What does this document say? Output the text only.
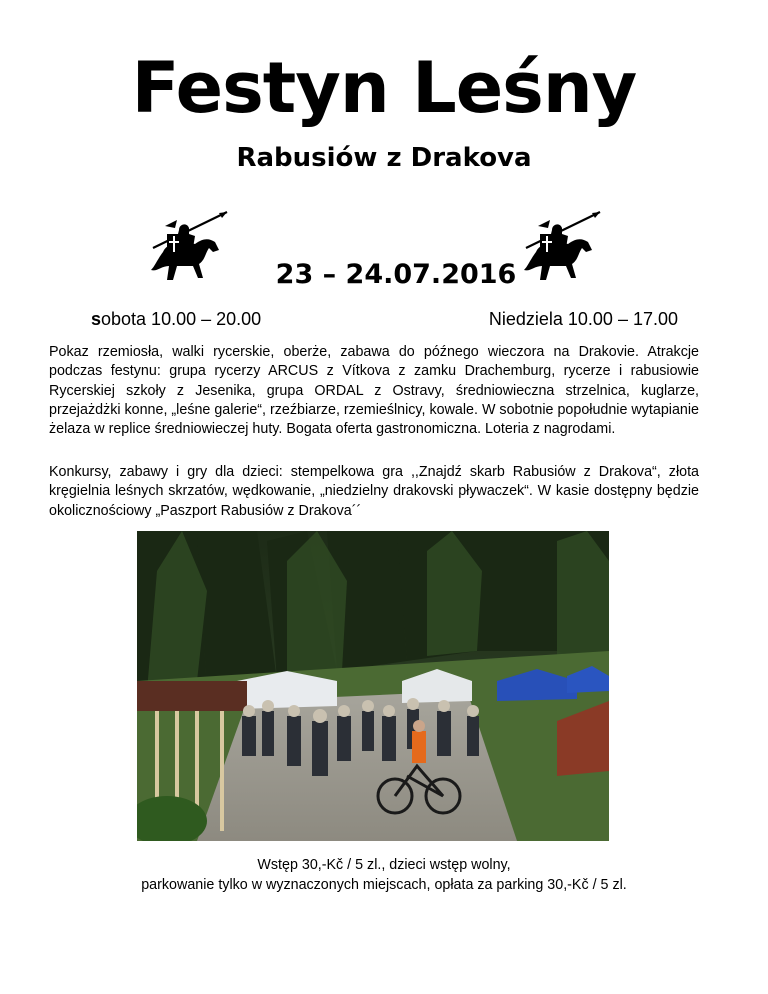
Festyn Leśny
Rabusiów z Drakova
23 – 24.07.2016
sobota 10.00 – 20.00	Niedziela 10.00 – 17.00

Pokaz rzemiosła, walki rycerskie, oberże, zabawa do późnego wieczora na Drakovie. Atrakcje podczas festynu: grupa rycerzy ARCUS z Vítkova z zamku Drachemburg, rycerze i rabusiowie Rycerskiej szkoły z Jesenika, grupa ORDAL z Ostravy, średniowieczna strzelnica, kuglarze, przejażdżki konne, „leśne galerie“, rzeźbiarze, rzemieślnicy, kowale. W sobotnie popołudnie wytapianie żelaza w replice średniowieczej huty. Bogata oferta gastronomiczna. Loteria z nagrodami.

Konkursy, zabawy i gry dla dzieci: stempelkowa gra ,,Znajdź skarb Rabusiów z Drakova“, złota kręgielnia leśnych skrzatów, wędkowanie, „niedzielny drakovski pływaczek“. W kasie dostępny będzie okolicznościowy „Paszport Rabusiów z Drakova´´

Wstęp 30,-Kč / 5 zl., dzieci wstęp wolny,
parkowanie tylko w wyznaczonych miejscach, opłata za parking 30,-Kč / 5 zl.
